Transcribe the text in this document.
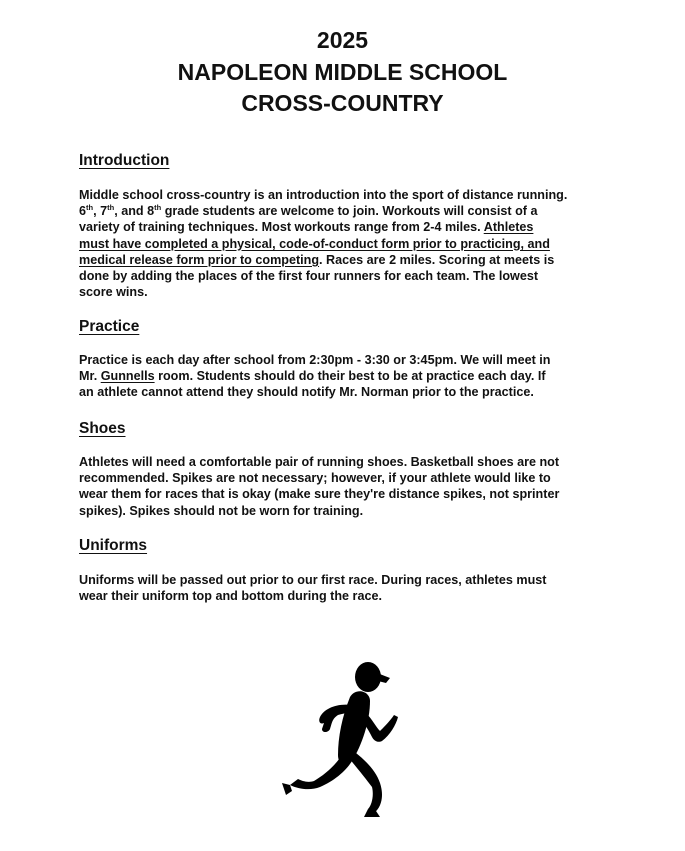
2025
NAPOLEON MIDDLE SCHOOL
CROSS-COUNTRY
Introduction
Middle school cross-country is an introduction into the sport of distance running.
6th, 7th, and 8th grade students are welcome to join. Workouts will consist of a
variety of training techniques. Most workouts range from 2-4 miles. Athletes
must have completed a physical, code-of-conduct form prior to practicing, and
medical release form prior to competing. Races are 2 miles. Scoring at meets is
done by adding the places of the first four runners for each team. The lowest
score wins.
Practice
Practice is each day after school from 2:30pm - 3:30 or 3:45pm. We will meet in
Mr. Gunnells room. Students should do their best to be at practice each day. If
an athlete cannot attend they should notify Mr. Norman prior to the practice.
Shoes
Athletes will need a comfortable pair of running shoes. Basketball shoes are not
recommended. Spikes are not necessary; however, if your athlete would like to
wear them for races that is okay (make sure they're distance spikes, not sprinter
spikes). Spikes should not be worn for training.
Uniforms
Uniforms will be passed out prior to our first race. During races, athletes must
wear their uniform top and bottom during the race.
